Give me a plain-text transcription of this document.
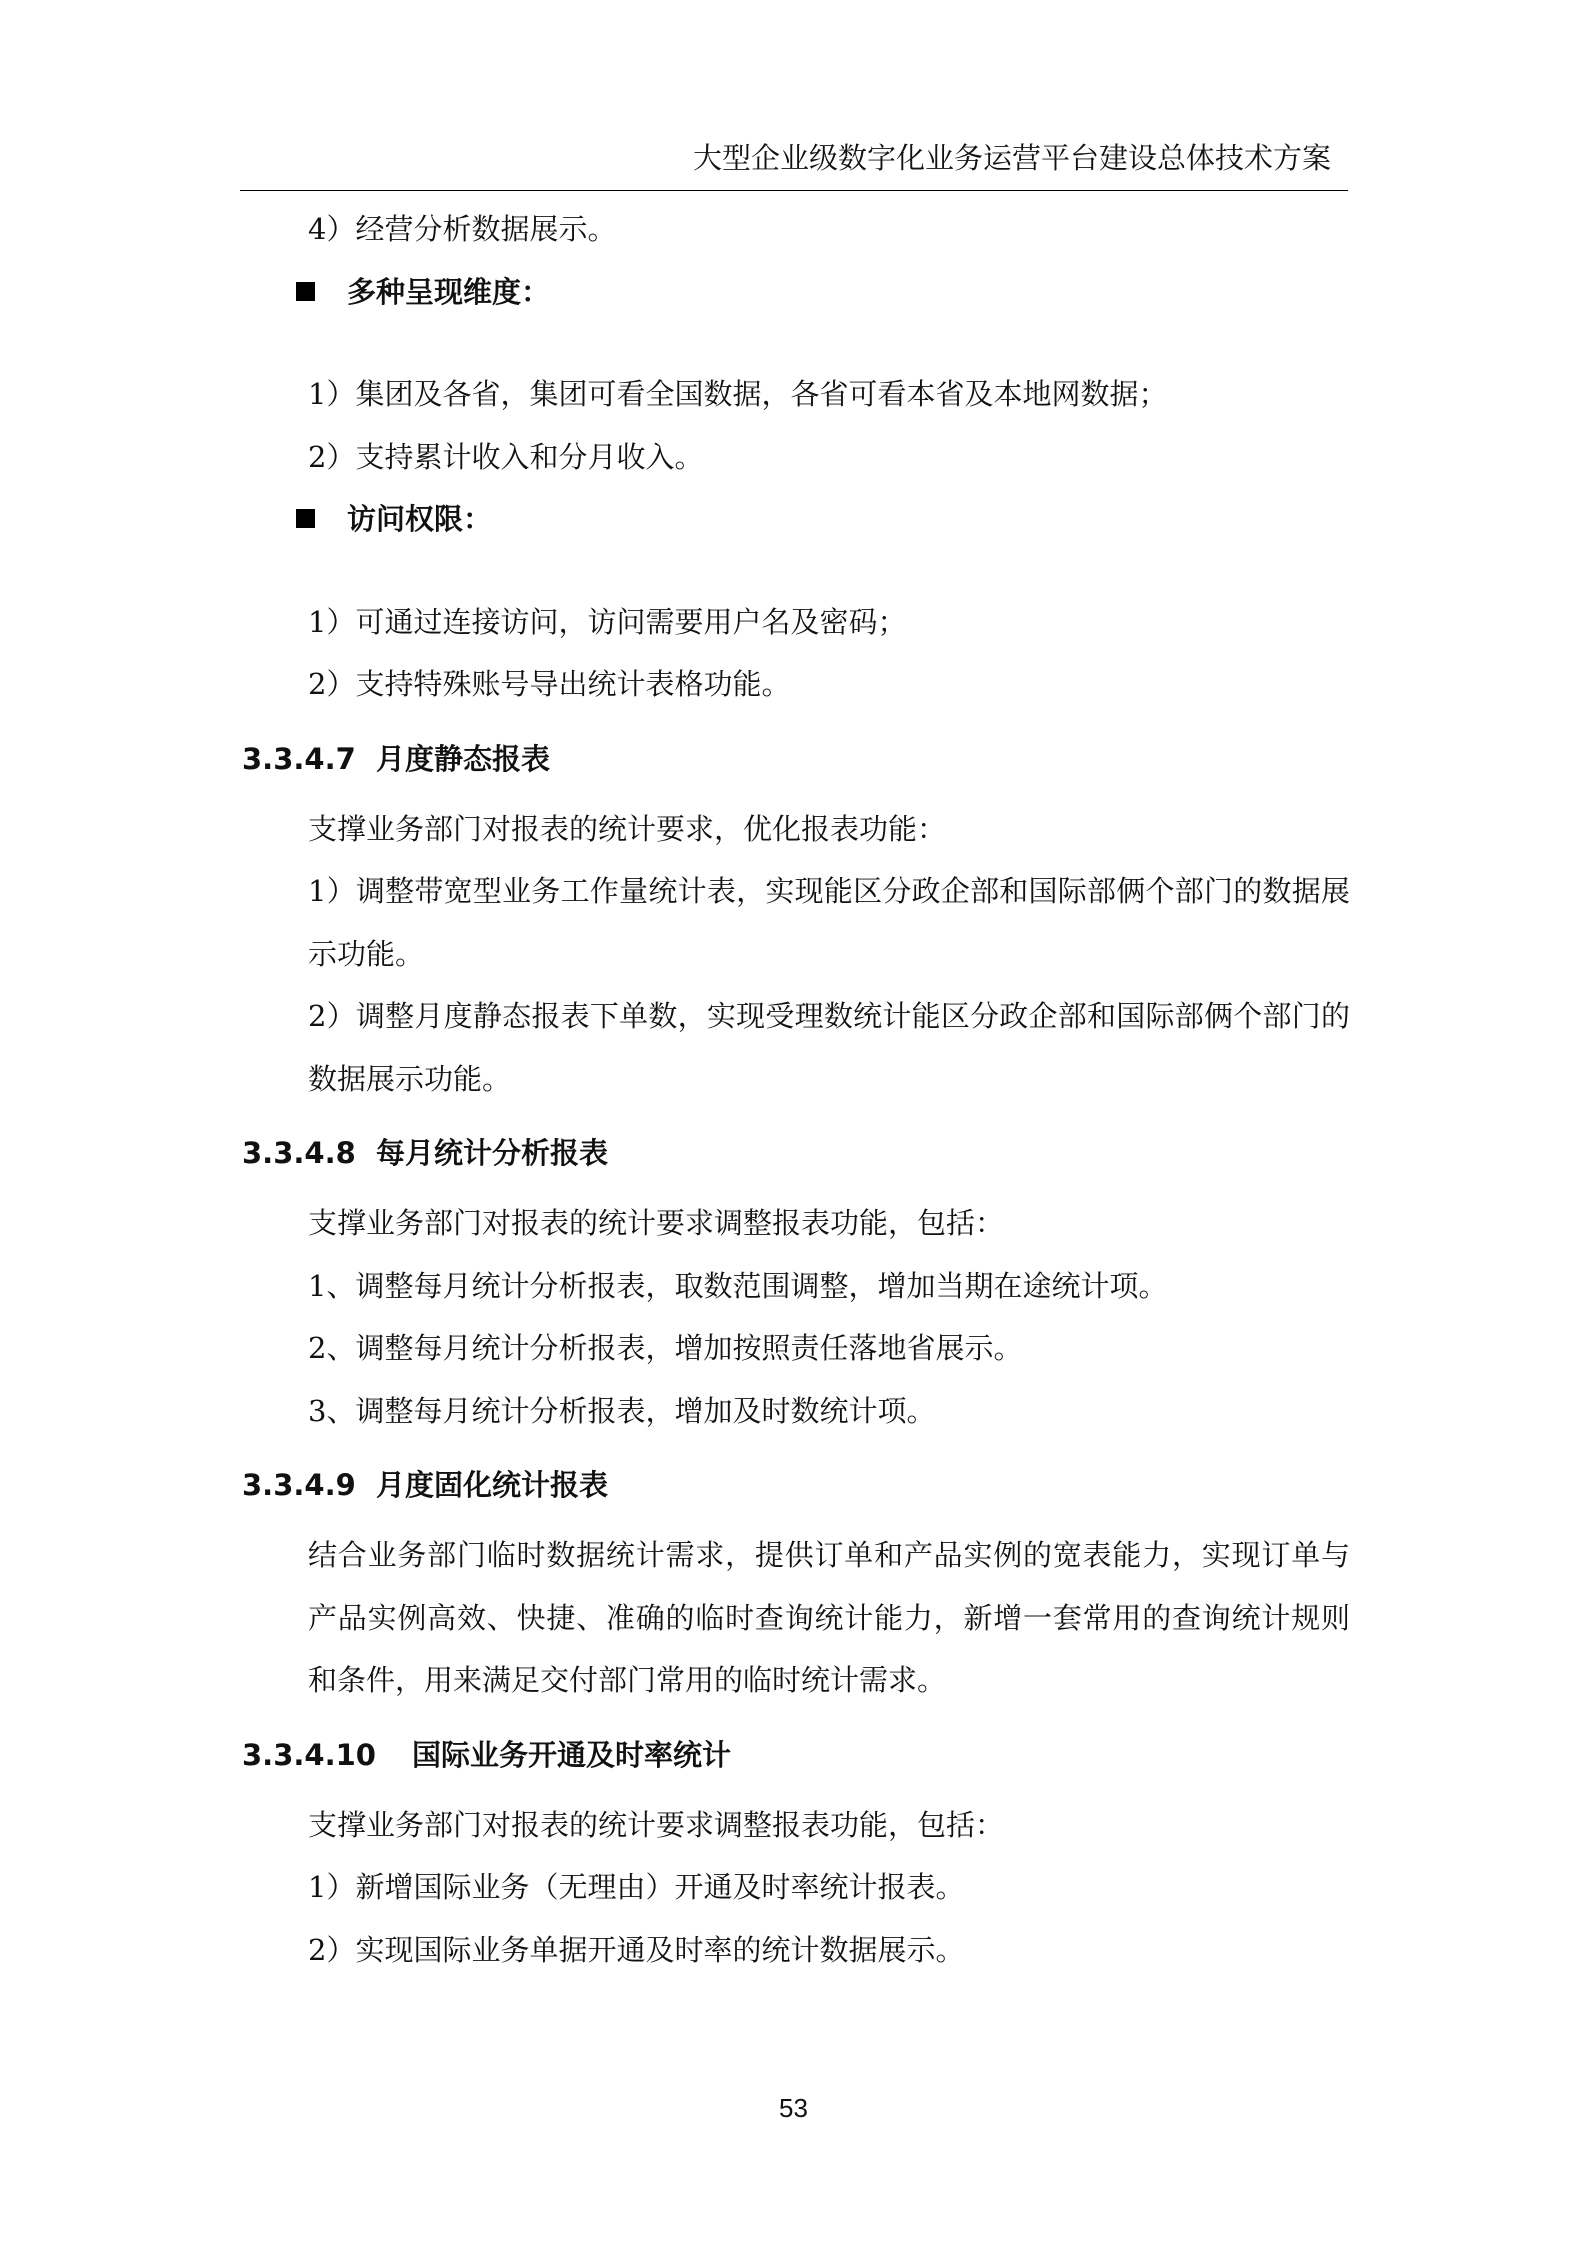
大型企业级数字化业务运营平台建设总体技术方案
4）经营分析数据展示。
多种呈现维度：
1）集团及各省，集团可看全国数据，各省可看本省及本地网数据；
2）支持累计收入和分月收入。
访问权限：
1）可通过连接访问，访问需要用户名及密码；
2）支持特殊账号导出统计表格功能。
3.3.4.7 月度静态报表
支撑业务部门对报表的统计要求，优化报表功能：
1）调整带宽型业务工作量统计表，实现能区分政企部和国际部俩个部门的数据展示功能。
2）调整月度静态报表下单数，实现受理数统计能区分政企部和国际部俩个部门的数据展示功能。
3.3.4.8 每月统计分析报表
支撑业务部门对报表的统计要求调整报表功能，包括：
1、调整每月统计分析报表，取数范围调整，增加当期在途统计项。
2、调整每月统计分析报表，增加按照责任落地省展示。
3、调整每月统计分析报表，增加及时数统计项。
3.3.4.9 月度固化统计报表
结合业务部门临时数据统计需求，提供订单和产品实例的宽表能力，实现订单与产品实例高效、快捷、准确的临时查询统计能力，新增一套常用的查询统计规则和条件，用来满足交付部门常用的临时统计需求。
3.3.4.10 国际业务开通及时率统计
支撑业务部门对报表的统计要求调整报表功能，包括：
1）新增国际业务（无理由）开通及时率统计报表。
2）实现国际业务单据开通及时率的统计数据展示。
53
